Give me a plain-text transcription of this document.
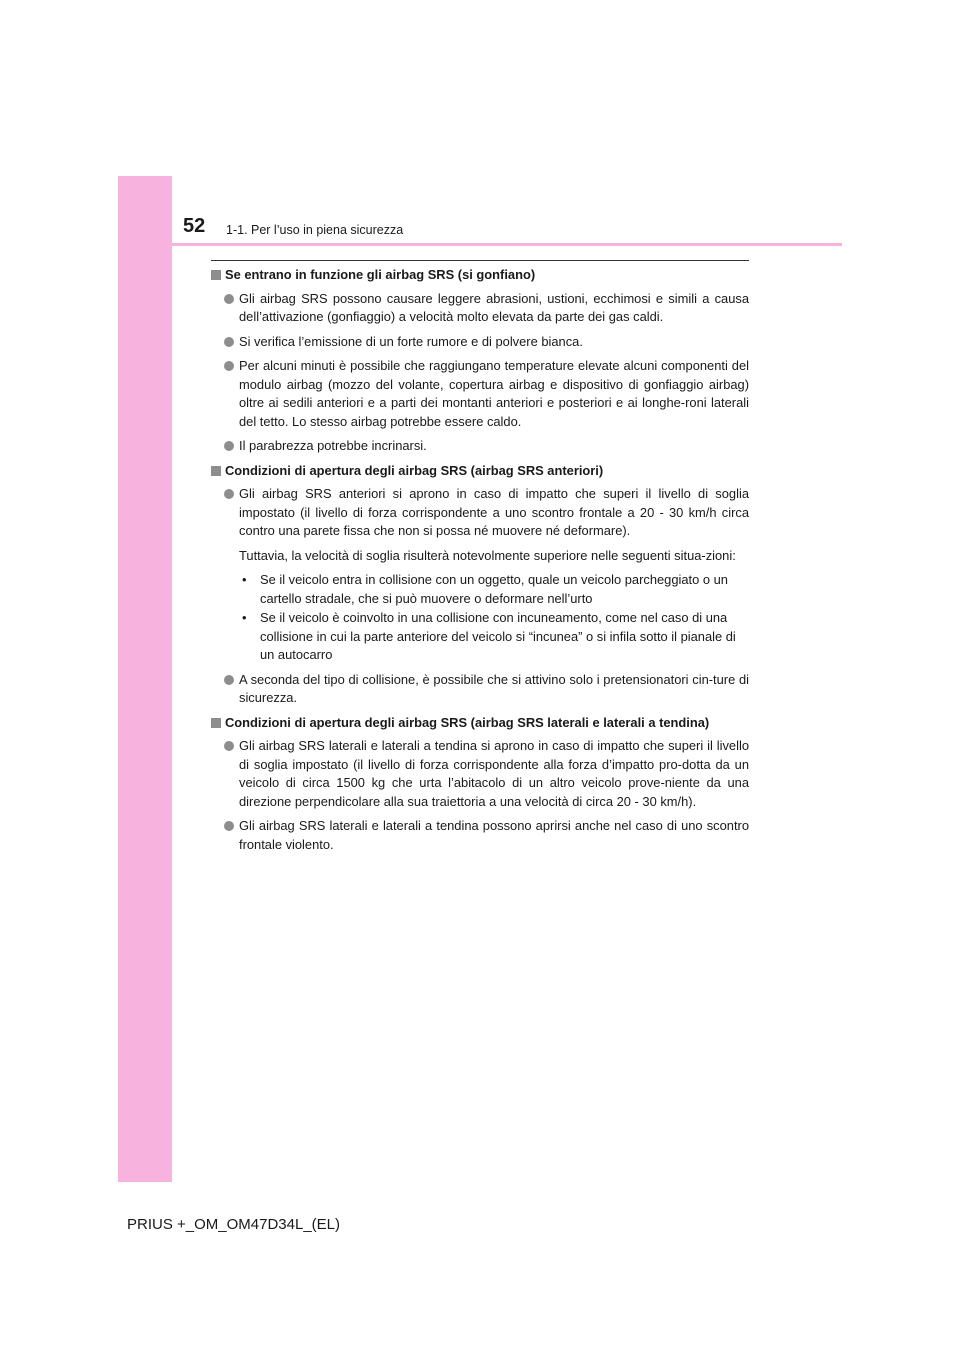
52 1-1. Per l’uso in piena sicurezza
Se entrano in funzione gli airbag SRS (si gonfiano)
Gli airbag SRS possono causare leggere abrasioni, ustioni, ecchimosi e simili a causa dell’attivazione (gonfiaggio) a velocità molto elevata da parte dei gas caldi.
Si verifica l’emissione di un forte rumore e di polvere bianca.
Per alcuni minuti è possibile che raggiungano temperature elevate alcuni componenti del modulo airbag (mozzo del volante, copertura airbag e dispositivo di gonfiaggio airbag) oltre ai sedili anteriori e a parti dei montanti anteriori e posteriori e ai longhe-roni laterali del tetto. Lo stesso airbag potrebbe essere caldo.
Il parabrezza potrebbe incrinarsi.
Condizioni di apertura degli airbag SRS (airbag SRS anteriori)
Gli airbag SRS anteriori si aprono in caso di impatto che superi il livello di soglia impostato (il livello di forza corrispondente a uno scontro frontale a 20 - 30 km/h circa contro una parete fissa che non si possa né muovere né deformare).
Tuttavia, la velocità di soglia risulterà notevolmente superiore nelle seguenti situa-zioni:
• Se il veicolo entra in collisione con un oggetto, quale un veicolo parcheggiato o un cartello stradale, che si può muovere o deformare nell’urto
• Se il veicolo è coinvolto in una collisione con incuneamento, come nel caso di una collisione in cui la parte anteriore del veicolo si “incunea” o si infila sotto il pianale di un autocarro
A seconda del tipo di collisione, è possibile che si attivino solo i pretensionatori cin-ture di sicurezza.
Condizioni di apertura degli airbag SRS (airbag SRS laterali e laterali a tendina)
Gli airbag SRS laterali e laterali a tendina si aprono in caso di impatto che superi il livello di soglia impostato (il livello di forza corrispondente alla forza d’impatto pro-dotta da un veicolo di circa 1500 kg che urta l’abitacolo di un altro veicolo prove-niente da una direzione perpendicolare alla sua traiettoria a una velocità di circa 20 - 30 km/h).
Gli airbag SRS laterali e laterali a tendina possono aprirsi anche nel caso di uno scontro frontale violento.
PRIUS +_OM_OM47D34L_(EL)
